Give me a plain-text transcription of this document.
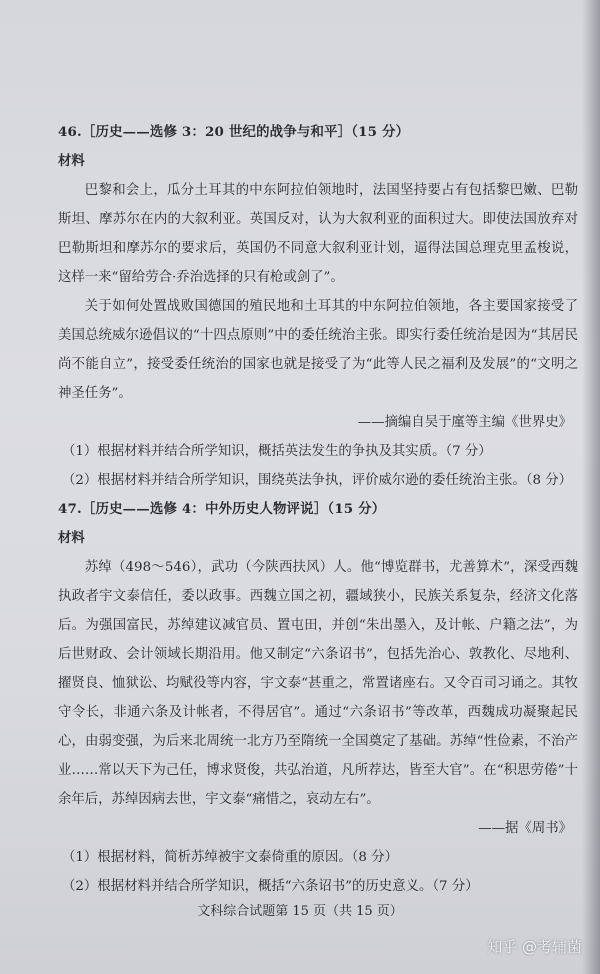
46.［历史——选修 3：20 世纪的战争与和平］（15 分）
材料

巴黎和会上，瓜分土耳其的中东阿拉伯领地时，法国坚持要占有包括黎巴嫩、巴勒斯坦、摩苏尔在内的大叙利亚。英国反对，认为大叙利亚的面积过大。即使法国放弃对巴勒斯坦和摩苏尔的要求后，英国仍不同意大叙利亚计划，逼得法国总理克里孟梭说，这样一来“留给劳合·乔治选择的只有枪或剑了”。

关于如何处置战败国德国的殖民地和土耳其的中东阿拉伯领地，各主要国家接受了美国总统威尔逊倡议的“十四点原则”中的委任统治主张。即实行委任统治是因为“其居民尚不能自立”，接受委任统治的国家也就是接受了为“此等人民之福利及发展”的“文明之神圣任务”。

——摘编自吴于廑等主编《世界史》

（1）根据材料并结合所学知识，概括英法发生的争执及其实质。（7 分）

（2）根据材料并结合所学知识，围绕英法争执，评价威尔逊的委任统治主张。（8 分）

47.［历史——选修 4：中外历史人物评说］（15 分）
材料

苏绰（498～546），武功（今陕西扶风）人。他“博览群书，尤善算术”，深受西魏执政者宇文泰信任，委以政事。西魏立国之初，疆域狭小，民族关系复杂，经济文化落后。为强国富民，苏绰建议减官员、置屯田，并创“朱出墨入，及计帐、户籍之法”，为后世财政、会计领域长期沿用。他又制定“六条诏书”，包括先治心、敦教化、尽地利、擢贤良、恤狱讼、均赋役等内容，宇文泰“甚重之，常置诸座右。又令百司习诵之。其牧守令长，非通六条及计帐者，不得居官”。通过“六条诏书”等改革，西魏成功凝聚起民心，由弱变强，为后来北周统一北方乃至隋统一全国奠定了基础。苏绰“性俭素，不治产业……常以天下为己任，博求贤俊，共弘治道，凡所荐达，皆至大官”。在“积思劳倦”十余年后，苏绰因病去世，宇文泰“痛惜之，哀动左右”。

——据《周书》

（1）根据材料，简析苏绰被宇文泰倚重的原因。（8 分）

（2）根据材料并结合所学知识，概括“六条诏书”的历史意义。（7 分）

文科综合试题第 15 页（共 15 页）
知乎 @考辅菌
